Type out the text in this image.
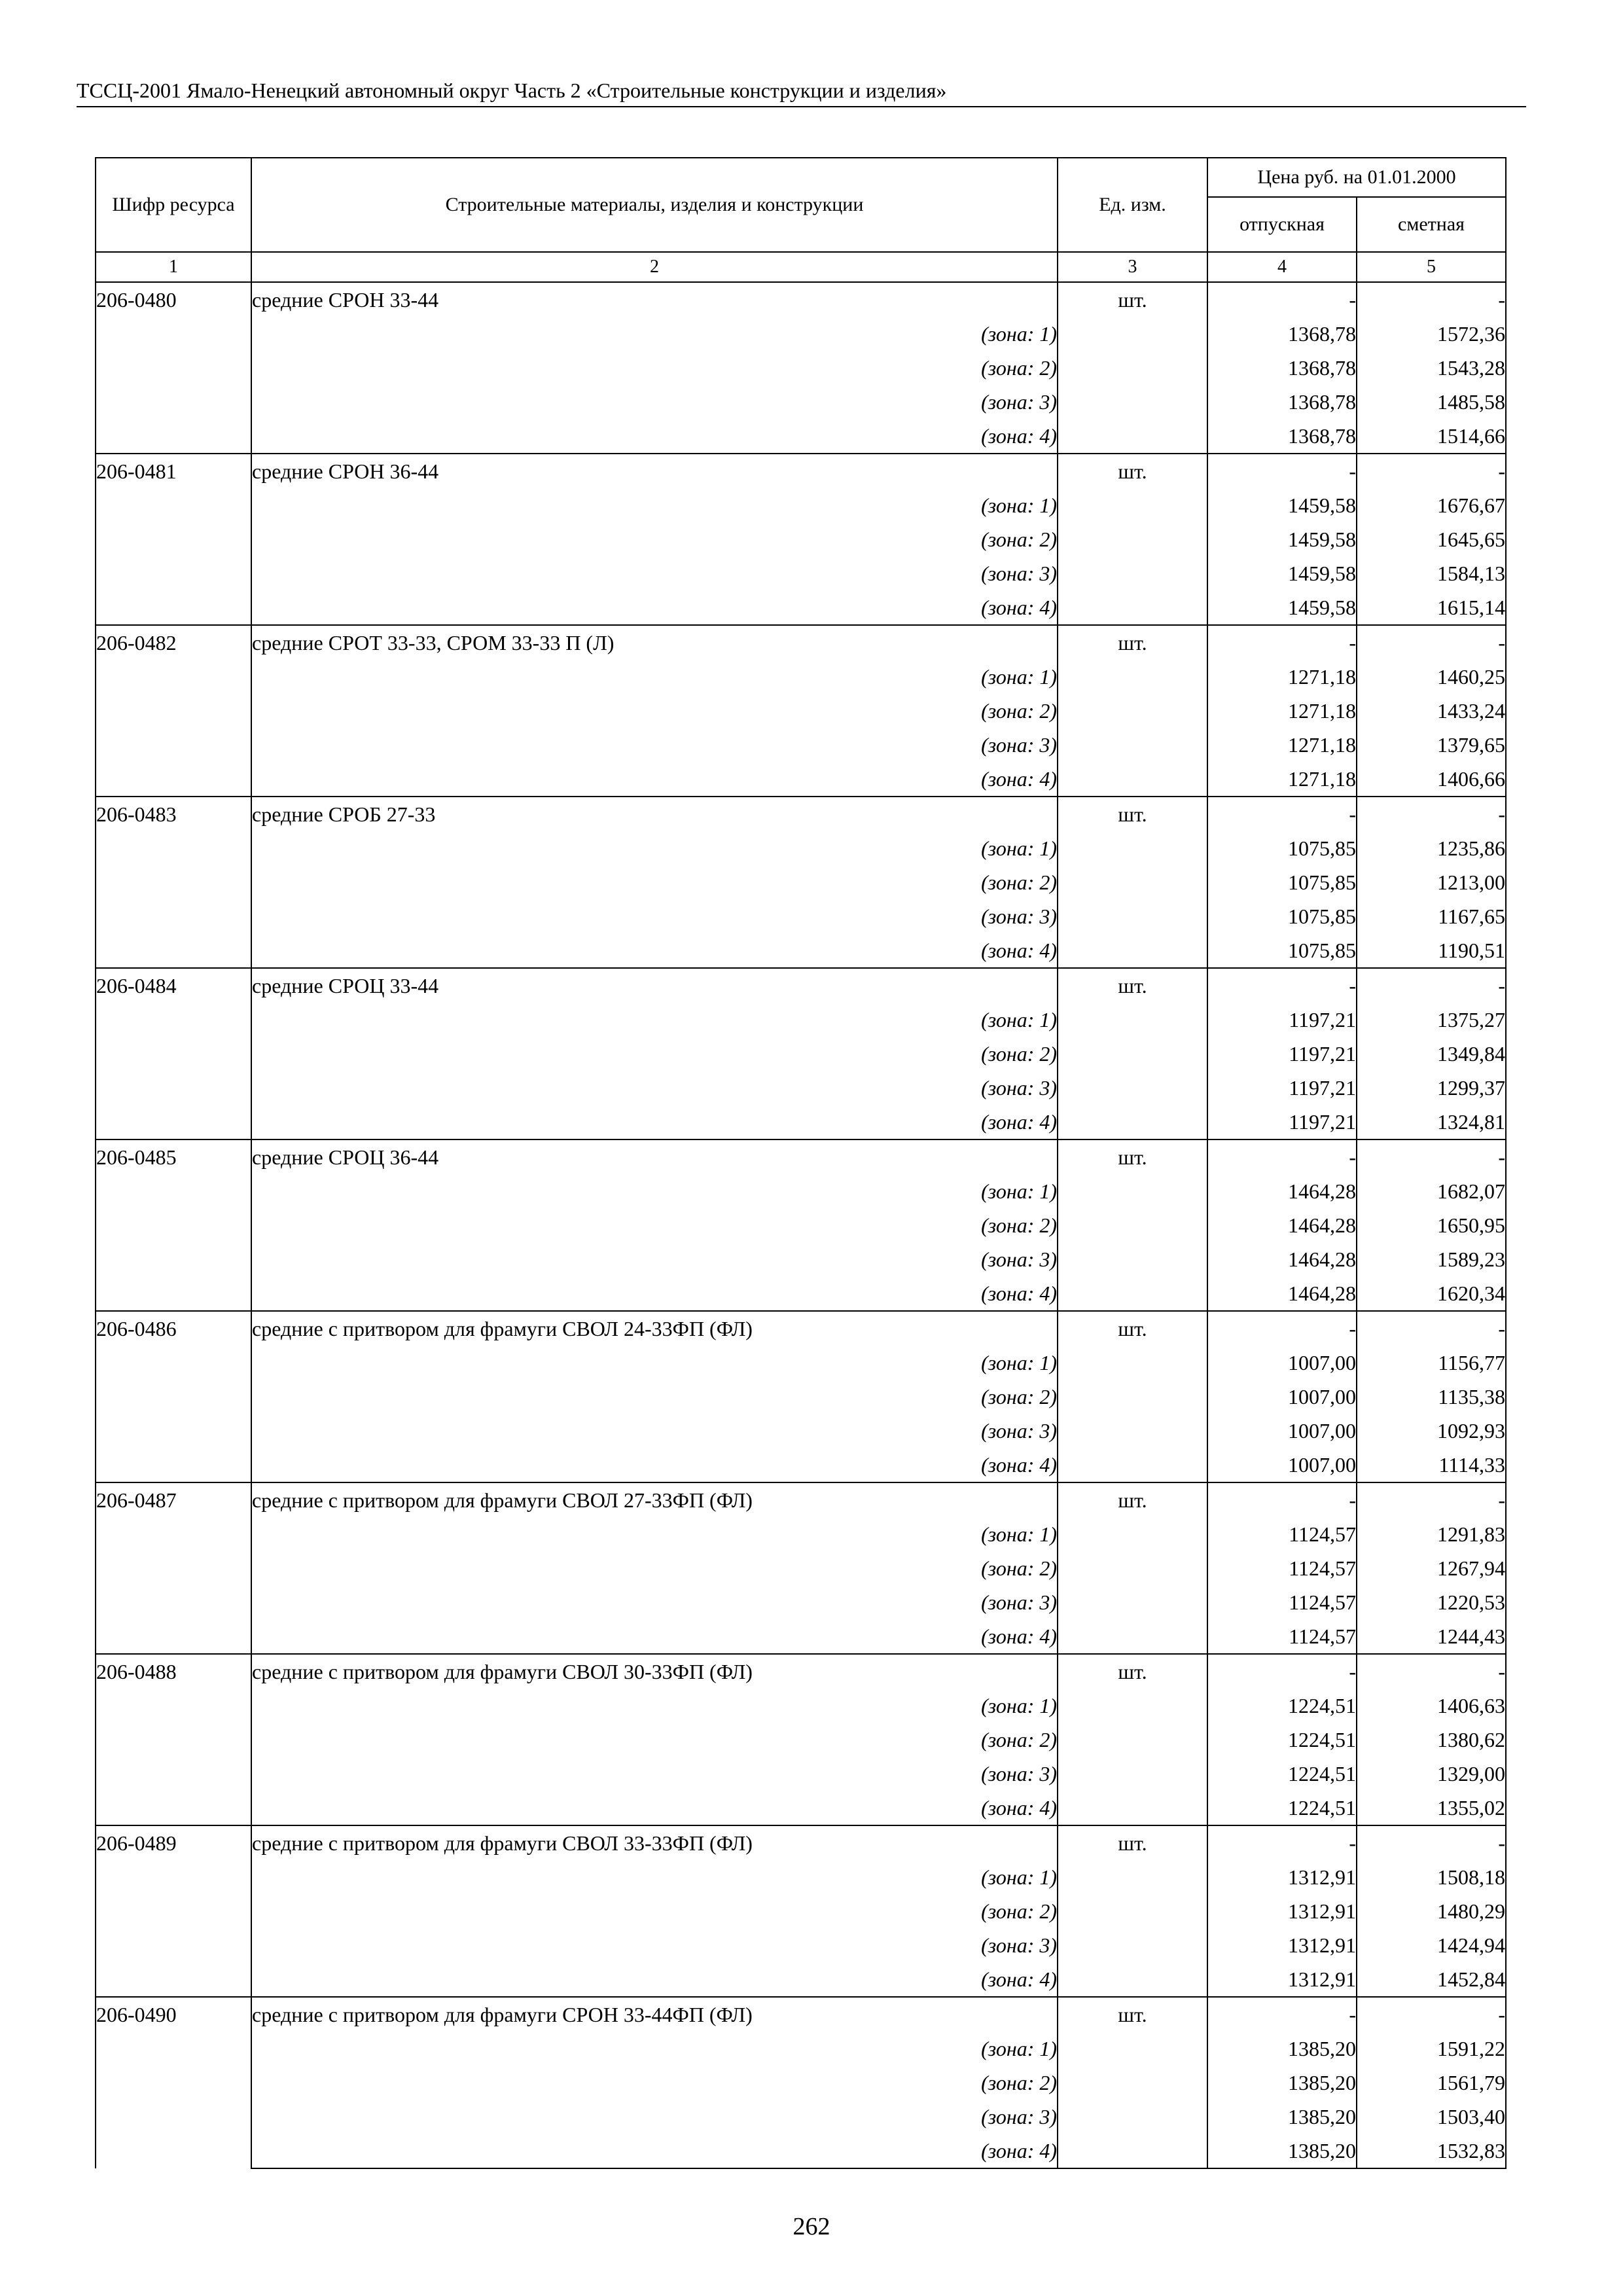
ТССЦ-2001 Ямало-Ненецкий автономный округ Часть 2 «Строительные конструкции и изделия»
Шифр ресурса	Строительные материалы, изделия и конструкции	Ед. изм.	Цена руб. на 01.01.2000	
			отпускная	сметная
1	2	3	4	5
206-0480	средние СРОН 33-44	шт.	-	-
	(зона: 1)		1368,78	1572,36
	(зона: 2)		1368,78	1543,28
	(зона: 3)		1368,78	1485,58
	(зона: 4)		1368,78	1514,66
206-0481	средние СРОН 36-44	шт.	-	-
	(зона: 1)		1459,58	1676,67
	(зона: 2)		1459,58	1645,65
	(зона: 3)		1459,58	1584,13
	(зона: 4)		1459,58	1615,14
206-0482	средние СРОТ 33-33, СРОМ 33-33 П (Л)	шт.	-	-
	(зона: 1)		1271,18	1460,25
	(зона: 2)		1271,18	1433,24
	(зона: 3)		1271,18	1379,65
	(зона: 4)		1271,18	1406,66
206-0483	средние СРОБ 27-33	шт.	-	-
	(зона: 1)		1075,85	1235,86
	(зона: 2)		1075,85	1213,00
	(зона: 3)		1075,85	1167,65
	(зона: 4)		1075,85	1190,51
206-0484	средние СРОЦ 33-44	шт.	-	-
	(зона: 1)		1197,21	1375,27
	(зона: 2)		1197,21	1349,84
	(зона: 3)		1197,21	1299,37
	(зона: 4)		1197,21	1324,81
206-0485	средние СРОЦ 36-44	шт.	-	-
	(зона: 1)		1464,28	1682,07
	(зона: 2)		1464,28	1650,95
	(зона: 3)		1464,28	1589,23
	(зона: 4)		1464,28	1620,34
206-0486	средние с притвором для фрамуги СВОЛ 24-33ФП (ФЛ)	шт.	-	-
	(зона: 1)		1007,00	1156,77
	(зона: 2)		1007,00	1135,38
	(зона: 3)		1007,00	1092,93
	(зона: 4)		1007,00	1114,33
206-0487	средние с притвором для фрамуги СВОЛ 27-33ФП (ФЛ)	шт.	-	-
	(зона: 1)		1124,57	1291,83
	(зона: 2)		1124,57	1267,94
	(зона: 3)		1124,57	1220,53
	(зона: 4)		1124,57	1244,43
206-0488	средние с притвором для фрамуги СВОЛ 30-33ФП (ФЛ)	шт.	-	-
	(зона: 1)		1224,51	1406,63
	(зона: 2)		1224,51	1380,62
	(зона: 3)		1224,51	1329,00
	(зона: 4)		1224,51	1355,02
206-0489	средние с притвором для фрамуги СВОЛ 33-33ФП (ФЛ)	шт.	-	-
	(зона: 1)		1312,91	1508,18
	(зона: 2)		1312,91	1480,29
	(зона: 3)		1312,91	1424,94
	(зона: 4)		1312,91	1452,84
206-0490	средние с притвором для фрамуги СРОН 33-44ФП (ФЛ)	шт.	-	-
	(зона: 1)		1385,20	1591,22
	(зона: 2)		1385,20	1561,79
	(зона: 3)		1385,20	1503,40
	(зона: 4)		1385,20	1532,83
262
